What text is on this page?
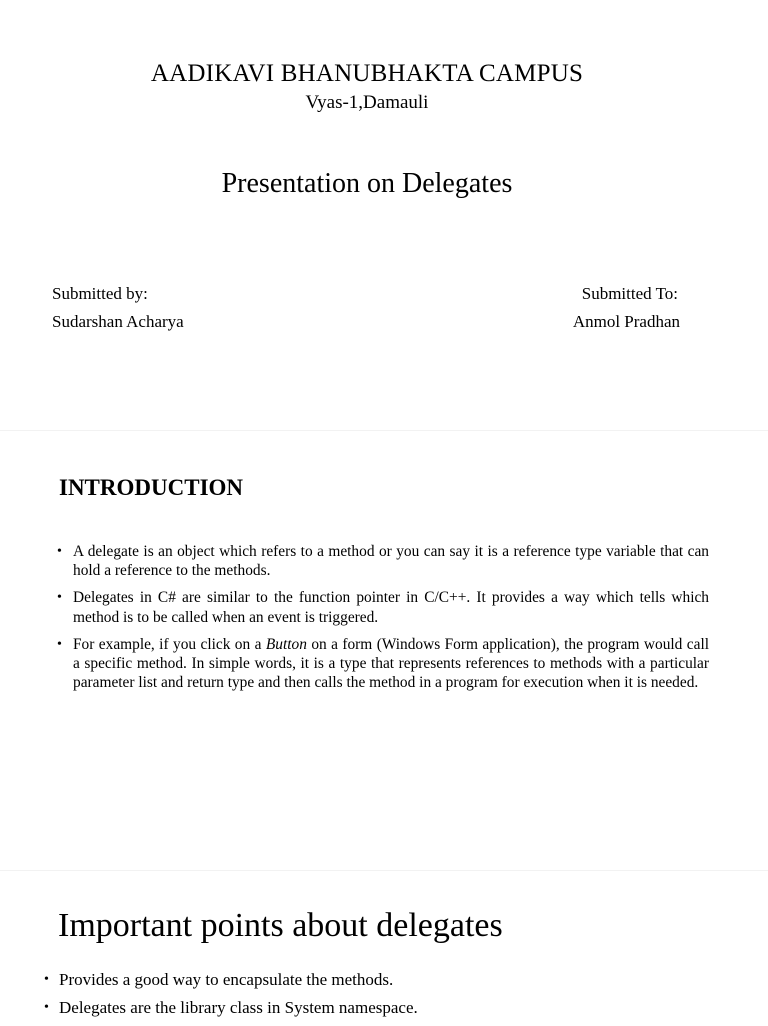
AADIKAVI BHANUBHAKTA CAMPUS
Vyas-1,Damauli
Presentation on Delegates
Submitted by:
Sudarshan Acharya
Submitted To:
Anmol Pradhan
INTRODUCTION
• A delegate is an object which refers to a method or you can say it is a reference type variable that can hold a reference to the methods.
• Delegates in C# are similar to the function pointer in C/C++. It provides a way which tells which method is to be called when an event is triggered.
• For example, if you click on a Button on a form (Windows Form application), the program would call a specific method. In simple words, it is a type that represents references to methods with a particular parameter list and return type and then calls the method in a program for execution when it is needed.
Important points about delegates
• Provides a good way to encapsulate the methods.
• Delegates are the library class in System namespace.
